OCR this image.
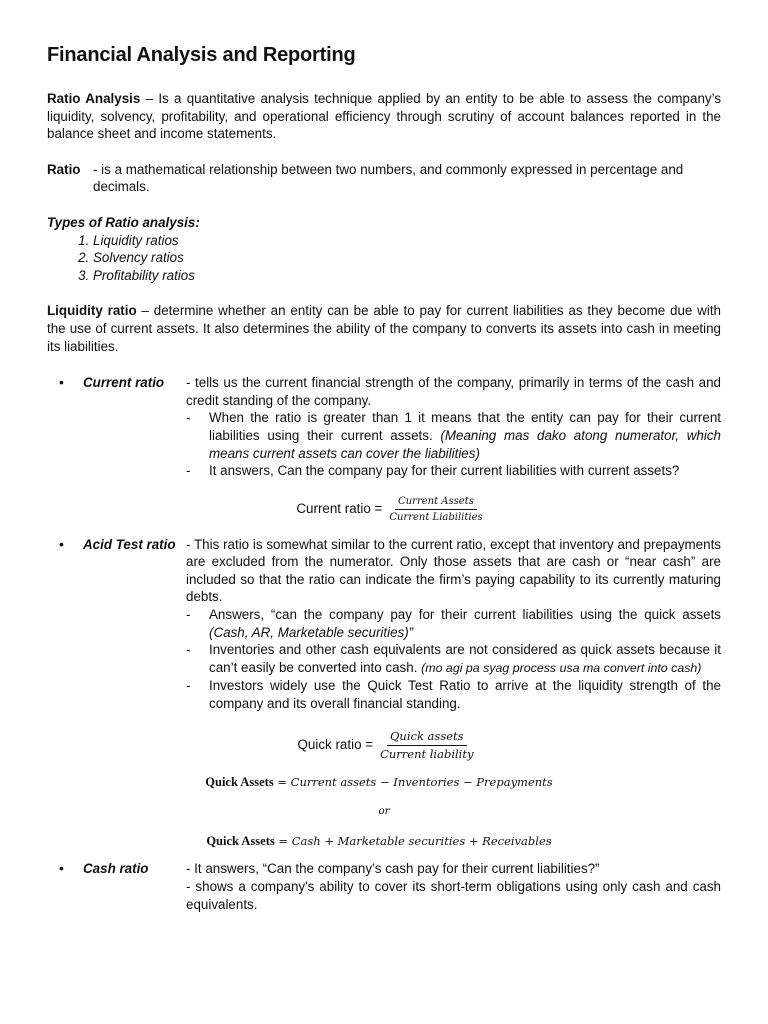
Financial Analysis and Reporting

Ratio Analysis – Is a quantitative analysis technique applied by an entity to be able to assess the company’s liquidity, solvency, profitability, and operational efficiency through scrutiny of account balances reported in the balance sheet and income statements.

Ratio - is a mathematical relationship between two numbers, and commonly expressed in percentage and decimals.
Types of Ratio analysis:
1. Liquidity ratios
2. Solvency ratios
3. Profitability ratios

Liquidity ratio – determine whether an entity can be able to pay for current liabilities as they become due with the use of current assets. It also determines the ability of the company to converts its assets into cash in meeting its liabilities.

•	Current ratio	- tells us the current financial strength of the company, primarily in terms of the cash and credit standing of the company.
-	When the ratio is greater than 1 it means that the entity can pay for their current liabilities using their current assets. (Meaning mas dako atong numerator, which means current assets can cover the liabilities)
-	It answers, Can the company pay for their current liabilities with current assets?
Current ratio = $\frac{\text{Current Assets}}{\text{Current Liabilities}}$
•	Acid Test ratio - This ratio is somewhat similar to the current ratio, except that inventory and prepayments are excluded from the numerator. Only those assets that are cash or “near cash” are included so that the ratio can indicate the firm’s paying capability to its currently maturing debts.
-	Answers, “can the company pay for their current liabilities using the quick assets (Cash, AR, Marketable securities)”
-	Inventories and other cash equivalents are not considered as quick assets because it can’t easily be converted into cash. (mo agi pa syag process usa ma convert into cash)
-	Investors widely use the Quick Test Ratio to arrive at the liquidity strength of the company and its overall financial standing.
Quick ratio = $\frac{\text{Quick assets}}{\text{Current liability}}$
Quick Assets = Current assets − Inventories − Prepayments
or
Quick Assets = Cash + Marketable securities + Receivables
•	Cash ratio	- It answers, “Can the company’s cash pay for their current liabilities?”
- shows a company's ability to cover its short-term obligations using only cash and cash equivalents.
